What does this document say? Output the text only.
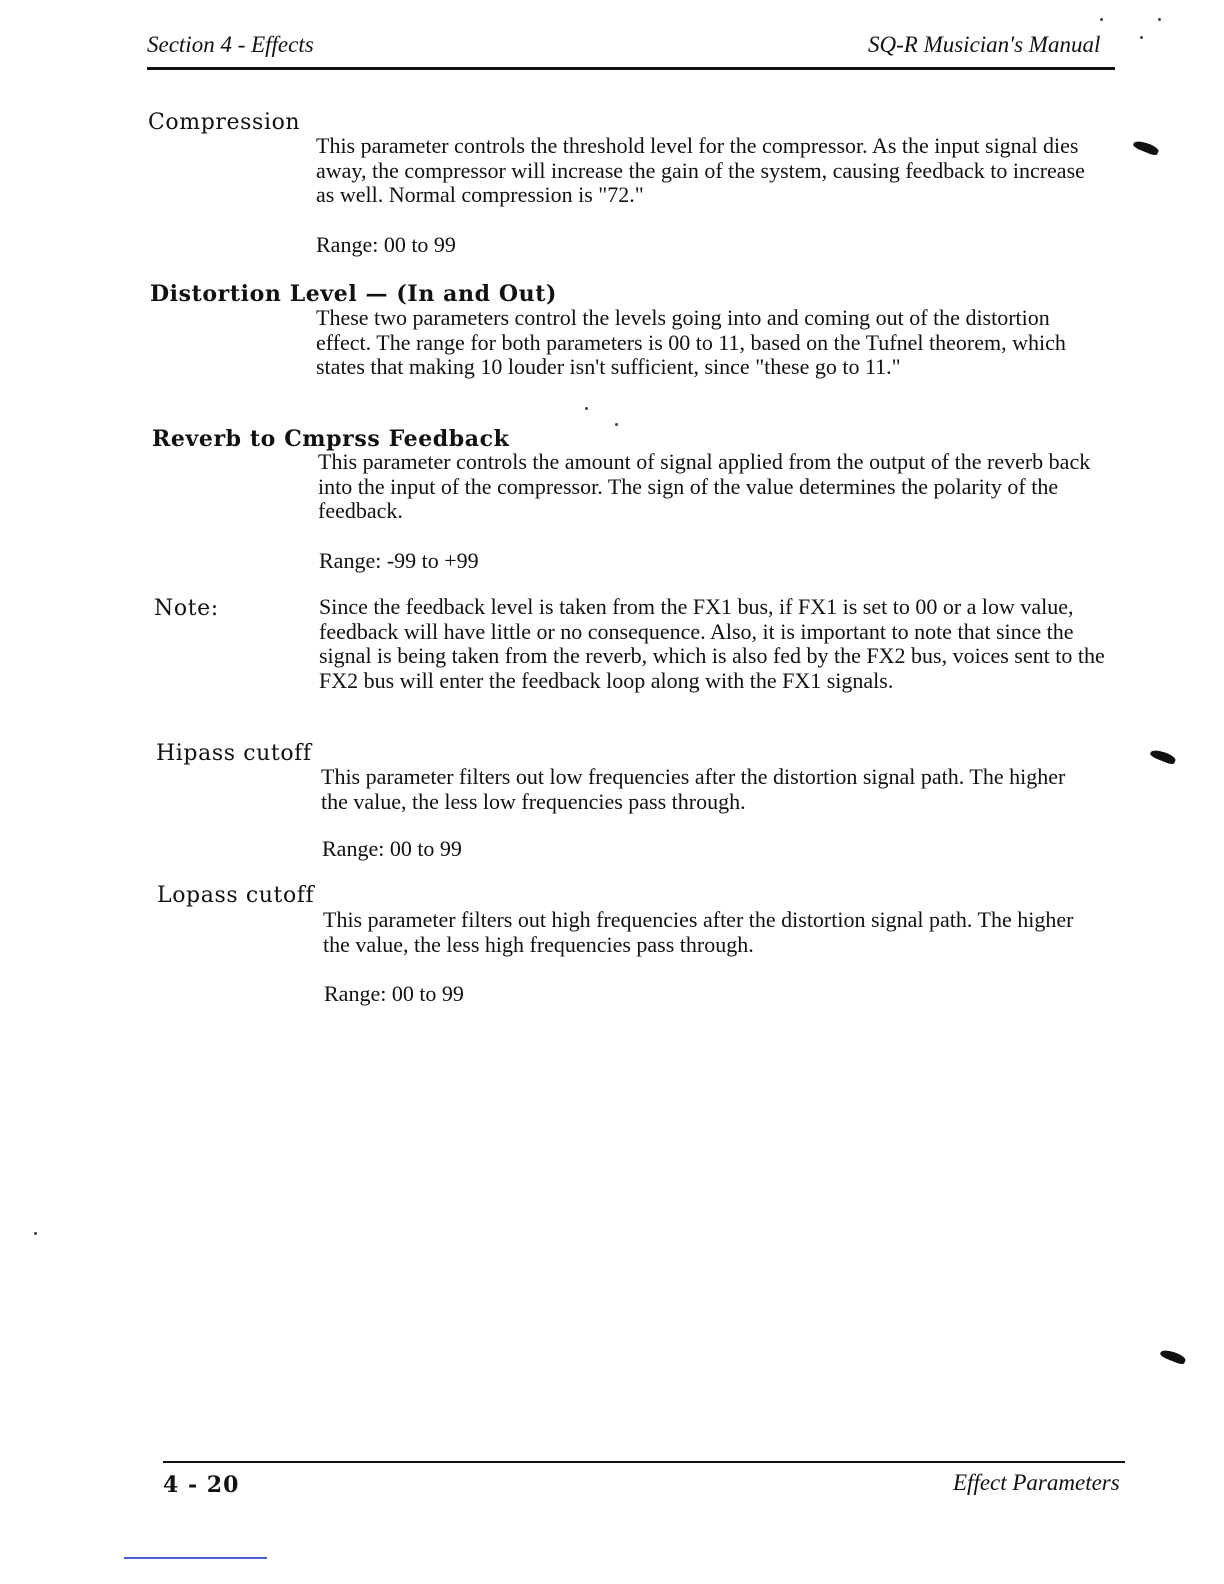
Section 4 - Effects	SQ-R Musician's Manual
Compression

This parameter controls the threshold level for the compressor. As the input signal dies away, the compressor will increase the gain of the system, causing feedback to increase as well. Normal compression is "72."

Range: 00 to 99
Distortion Level — (In and Out)

These two parameters control the levels going into and coming out of the distortion effect. The range for both parameters is 00 to 11, based on the Tufnel theorem, which states that making 10 louder isn't sufficient, since "these go to 11."

Reverb to Cmprss Feedback

This parameter controls the amount of signal applied from the output of the reverb back into the input of the compressor. The sign of the value determines the polarity of the feedback.

Range: -99 to +99
Note:	Since the feedback level is taken from the FX1 bus, if FX1 is set to 00 or a low value, feedback will have little or no consequence. Also, it is important to note that since the signal is being taken from the reverb, which is also fed by the FX2 bus, voices sent to the FX2 bus will enter the feedback loop along with the FX1 signals.

Hipass cutoff

This parameter filters out low frequencies after the distortion signal path. The higher the value, the less low frequencies pass through.

Range: 00 to 99
Lopass cutoff

This parameter filters out high frequencies after the distortion signal path. The higher the value, the less high frequencies pass through.

Range: 00 to 99
4 - 20	Effect Parameters
